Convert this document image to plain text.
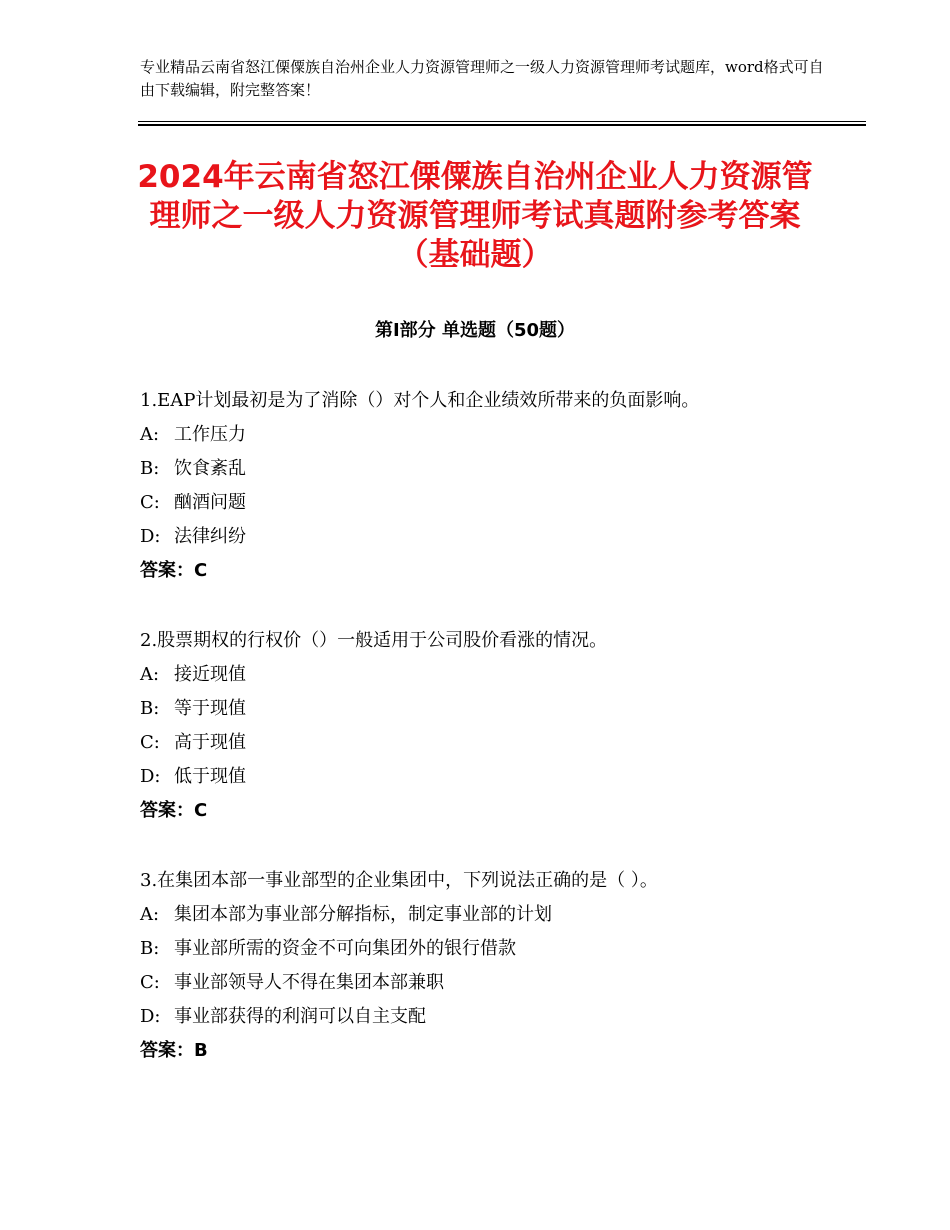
专业精品云南省怒江傈僳族自治州企业人力资源管理师之一级人力资源管理师考试题库，word格式可自由下载编辑，附完整答案！
2024年云南省怒江傈僳族自治州企业人力资源管理师之一级人力资源管理师考试真题附参考答案（基础题）
第Ⅰ部分 单选题（50题）
1.EAP计划最初是为了消除（）对个人和企业绩效所带来的负面影响。
A: 工作压力
B: 饮食紊乱
C: 酗酒问题
D: 法律纠纷
答案：C
2.股票期权的行权价（）一般适用于公司股价看涨的情况。
A: 接近现值
B: 等于现值
C: 高于现值
D: 低于现值
答案：C
3.在集团本部一事业部型的企业集团中，下列说法正确的是（ ）。
A: 集团本部为事业部分解指标，制定事业部的计划
B: 事业部所需的资金不可向集团外的银行借款
C: 事业部领导人不得在集团本部兼职
D: 事业部获得的利润可以自主支配
答案：B
